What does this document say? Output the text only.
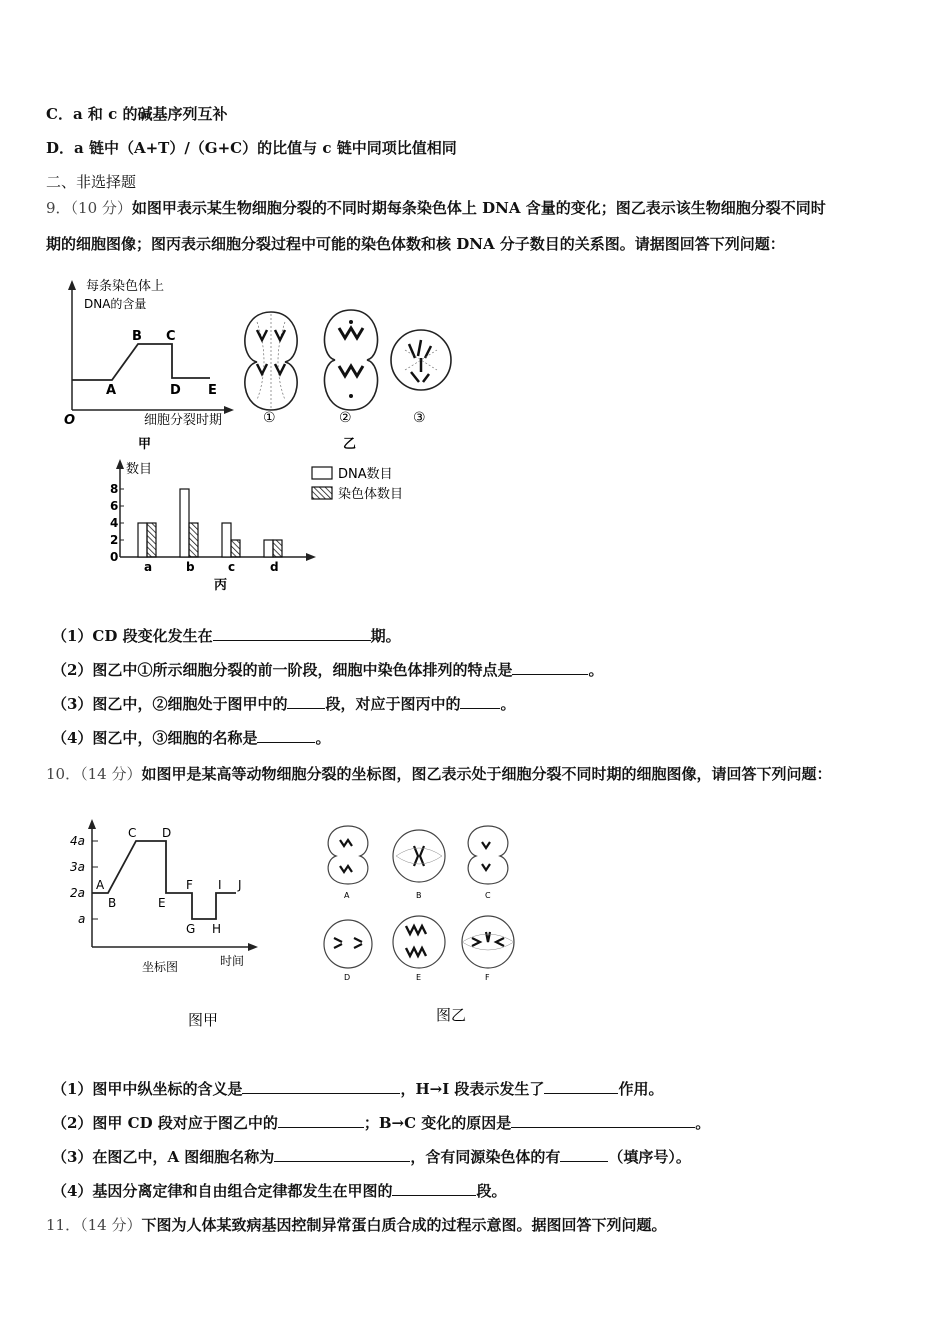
C．a 和 c 的碱基序列互补
D．a 链中（A+T）/（G+C）的比值与 c 链中同项比值相同
二、非选择题
9．（10 分）如图甲表示某生物细胞分裂的不同时期每条染色体上 DNA 含量的变化；图乙表示该生物细胞分裂不同时
期的细胞图像；图丙表示细胞分裂过程中可能的染色体数和核 DNA 分子数目的关系图。请据图回答下列问题：
每条染色体上
DNA的含量
A
B C
D E
O	细胞分裂时期
甲
①	②	③
乙
数目
0
2
4
6
8
a	b	c	d
DNA数目
染色体数目
丙
（1）CD 段变化发生在	期。
（2）图乙中①所示细胞分裂的前一阶段，细胞中染色体排列的特点是	。
（3）图乙中，②细胞处于图甲中的	段，对应于图丙中的	。
（4）图乙中，③细胞的名称是	。
10．（14 分）如图甲是某高等动物细胞分裂的坐标图，图乙表示处于细胞分裂不同时期的细胞图像，请回答下列问题：
4a
3a
2a
a
A
B
C D
E
F
G H
I J
坐标图	时间
图甲
A	B	C
D	E	F
图乙
（1）图甲中纵坐标的含义是	，H→I 段表示发生了	作用。
（2）图甲 CD 段对应于图乙中的	；B→C 变化的原因是	。
（3）在图乙中，A 图细胞名称为	，含有同源染色体的有	（填序号）。
（4）基因分离定律和自由组合定律都发生在甲图的	段。
11．（14 分）下图为人体某致病基因控制异常蛋白质合成的过程示意图。据图回答下列问题。
